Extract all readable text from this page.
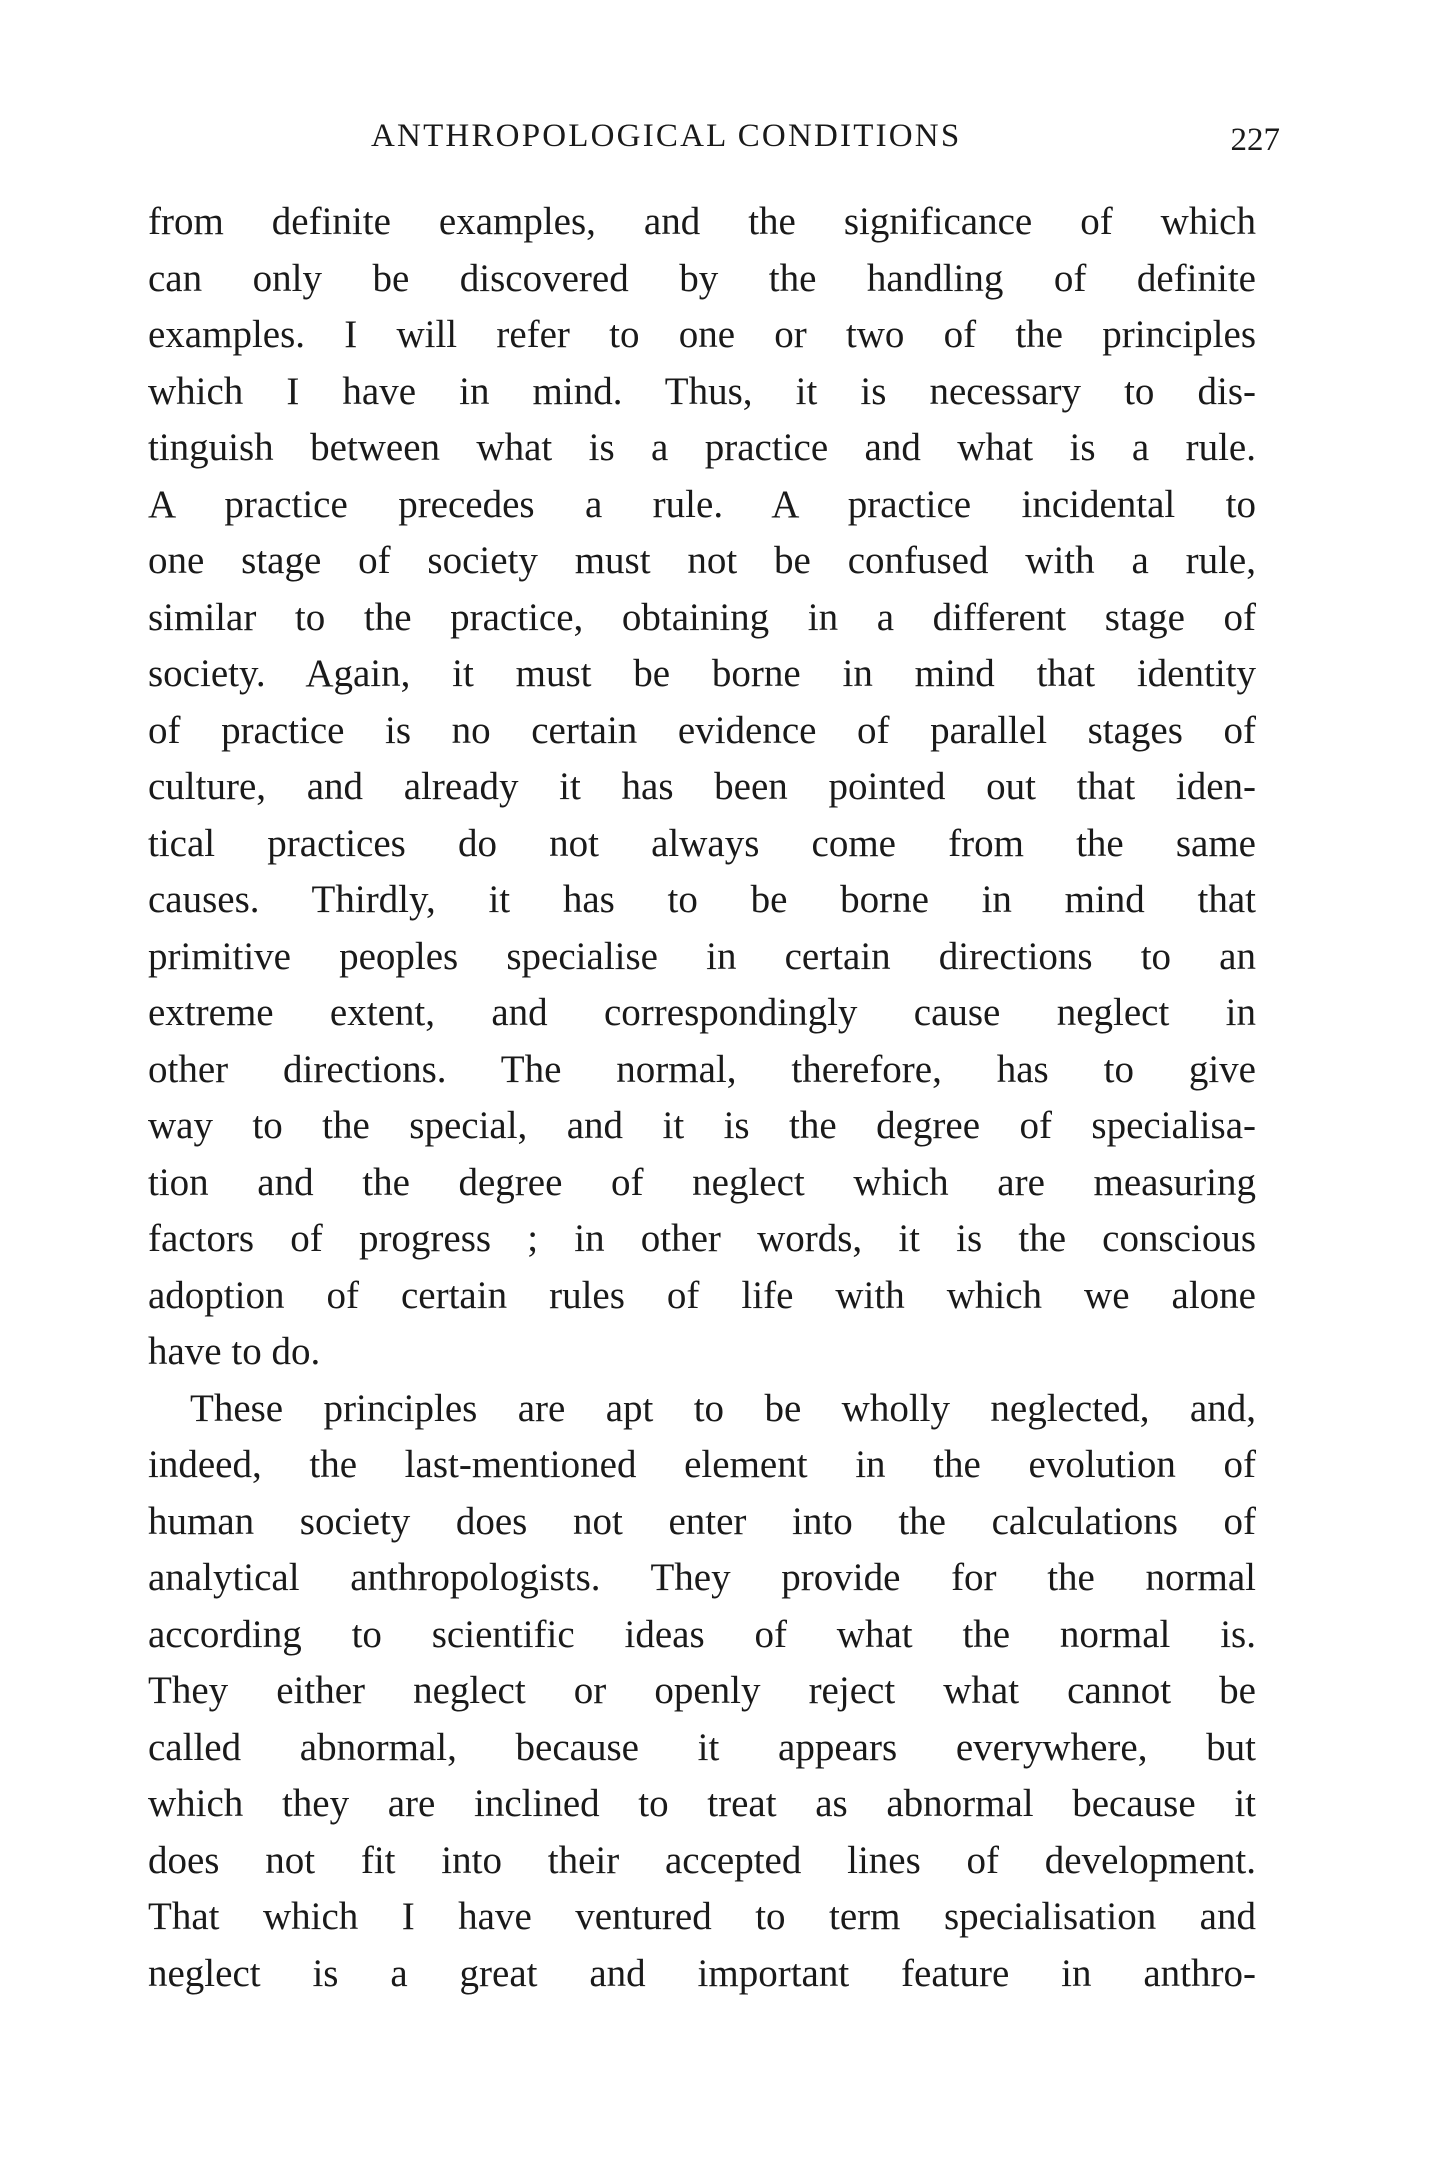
ANTHROPOLOGICAL CONDITIONS	227
from definite examples, and the significance of which
can only be discovered by the handling of definite
examples. I will refer to one or two of the principles
which I have in mind. Thus, it is necessary to dis-
tinguish between what is a practice and what is a rule.
A practice precedes a rule. A practice incidental to
one stage of society must not be confused with a rule,
similar to the practice, obtaining in a different stage of
society. Again, it must be borne in mind that identity
of practice is no certain evidence of parallel stages of
culture, and already it has been pointed out that iden-
tical practices do not always come from the same
causes. Thirdly, it has to be borne in mind that
primitive peoples specialise in certain directions to an
extreme extent, and correspondingly cause neglect in
other directions. The normal, therefore, has to give
way to the special, and it is the degree of specialisa-
tion and the degree of neglect which are measuring
factors of progress ; in other words, it is the conscious
adoption of certain rules of life with which we alone
have to do.
These principles are apt to be wholly neglected, and,
indeed, the last-mentioned element in the evolution of
human society does not enter into the calculations of
analytical anthropologists. They provide for the normal
according to scientific ideas of what the normal is.
They either neglect or openly reject what cannot be
called abnormal, because it appears everywhere, but
which they are inclined to treat as abnormal because it
does not fit into their accepted lines of development.
That which I have ventured to term specialisation and
neglect is a great and important feature in anthro-
